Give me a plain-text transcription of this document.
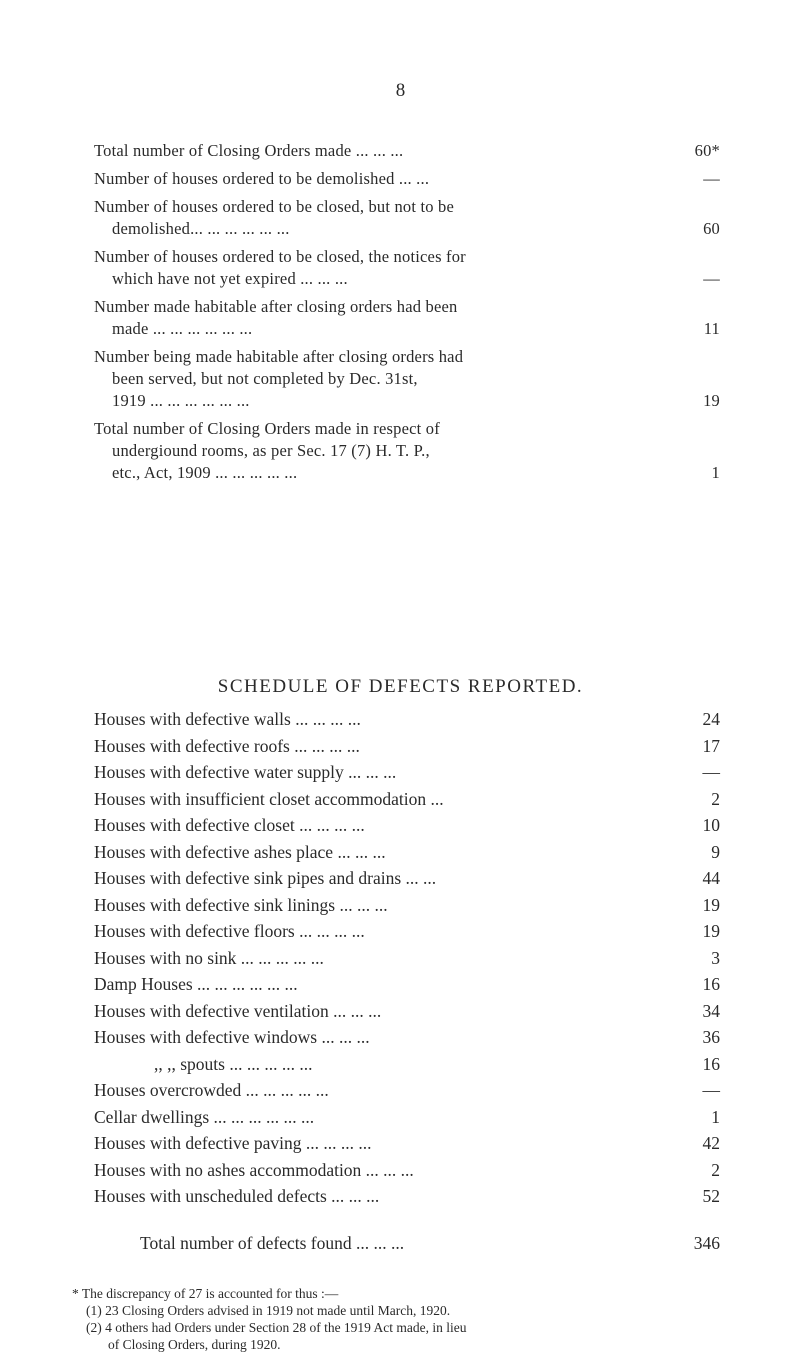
8
Total number of Closing Orders made ... ... ...	60*
Number of houses ordered to be demolished ... ...	—
Number of houses ordered to be closed, but not to be
demolished... ... ... ... ... ...	60
Number of houses ordered to be closed, the notices for
which have not yet expired ... ... ...	—
Number made habitable after closing orders had been
made ... ... ... ... ... ...	11
Number being made habitable after closing orders had
been served, but not completed by Dec. 31st,
1919 ... ... ... ... ... ...	19
Total number of Closing Orders made in respect of
undergiound rooms, as per Sec. 17 (7) H. T. P.,
etc., Act, 1909 ... ... ... ... ...	1
SCHEDULE OF DEFECTS REPORTED.
Houses with defective walls ... ... ... ...	24
Houses with defective roofs ... ... ... ...	17
Houses with defective water supply ... ... ...	—
Houses with insufficient closet accommodation ...	2
Houses with defective closet ... ... ... ...	10
Houses with defective ashes place ... ... ...	9
Houses with defective sink pipes and drains ... ...	44
Houses with defective sink linings ... ... ...	19
Houses with defective floors ... ... ... ...	19
Houses with no sink ... ... ... ... ...	3
Damp Houses ... ... ... ... ... ...	16
Houses with defective ventilation ... ... ...	34
Houses with defective windows ... ... ...	36
,, ,, spouts ... ... ... ... ...	16
Houses overcrowded ... ... ... ... ...	—
Cellar dwellings ... ... ... ... ... ...	1
Houses with defective paving ... ... ... ...	42
Houses with no ashes accommodation ... ... ...	2
Houses with unscheduled defects ... ... ...	52
Total number of defects found ... ... ...	346
* The discrepancy of 27 is accounted for thus :—
(1) 23 Closing Orders advised in 1919 not made until March, 1920.
(2) 4 others had Orders under Section 28 of the 1919 Act made, in lieu
of Closing Orders, during 1920.
